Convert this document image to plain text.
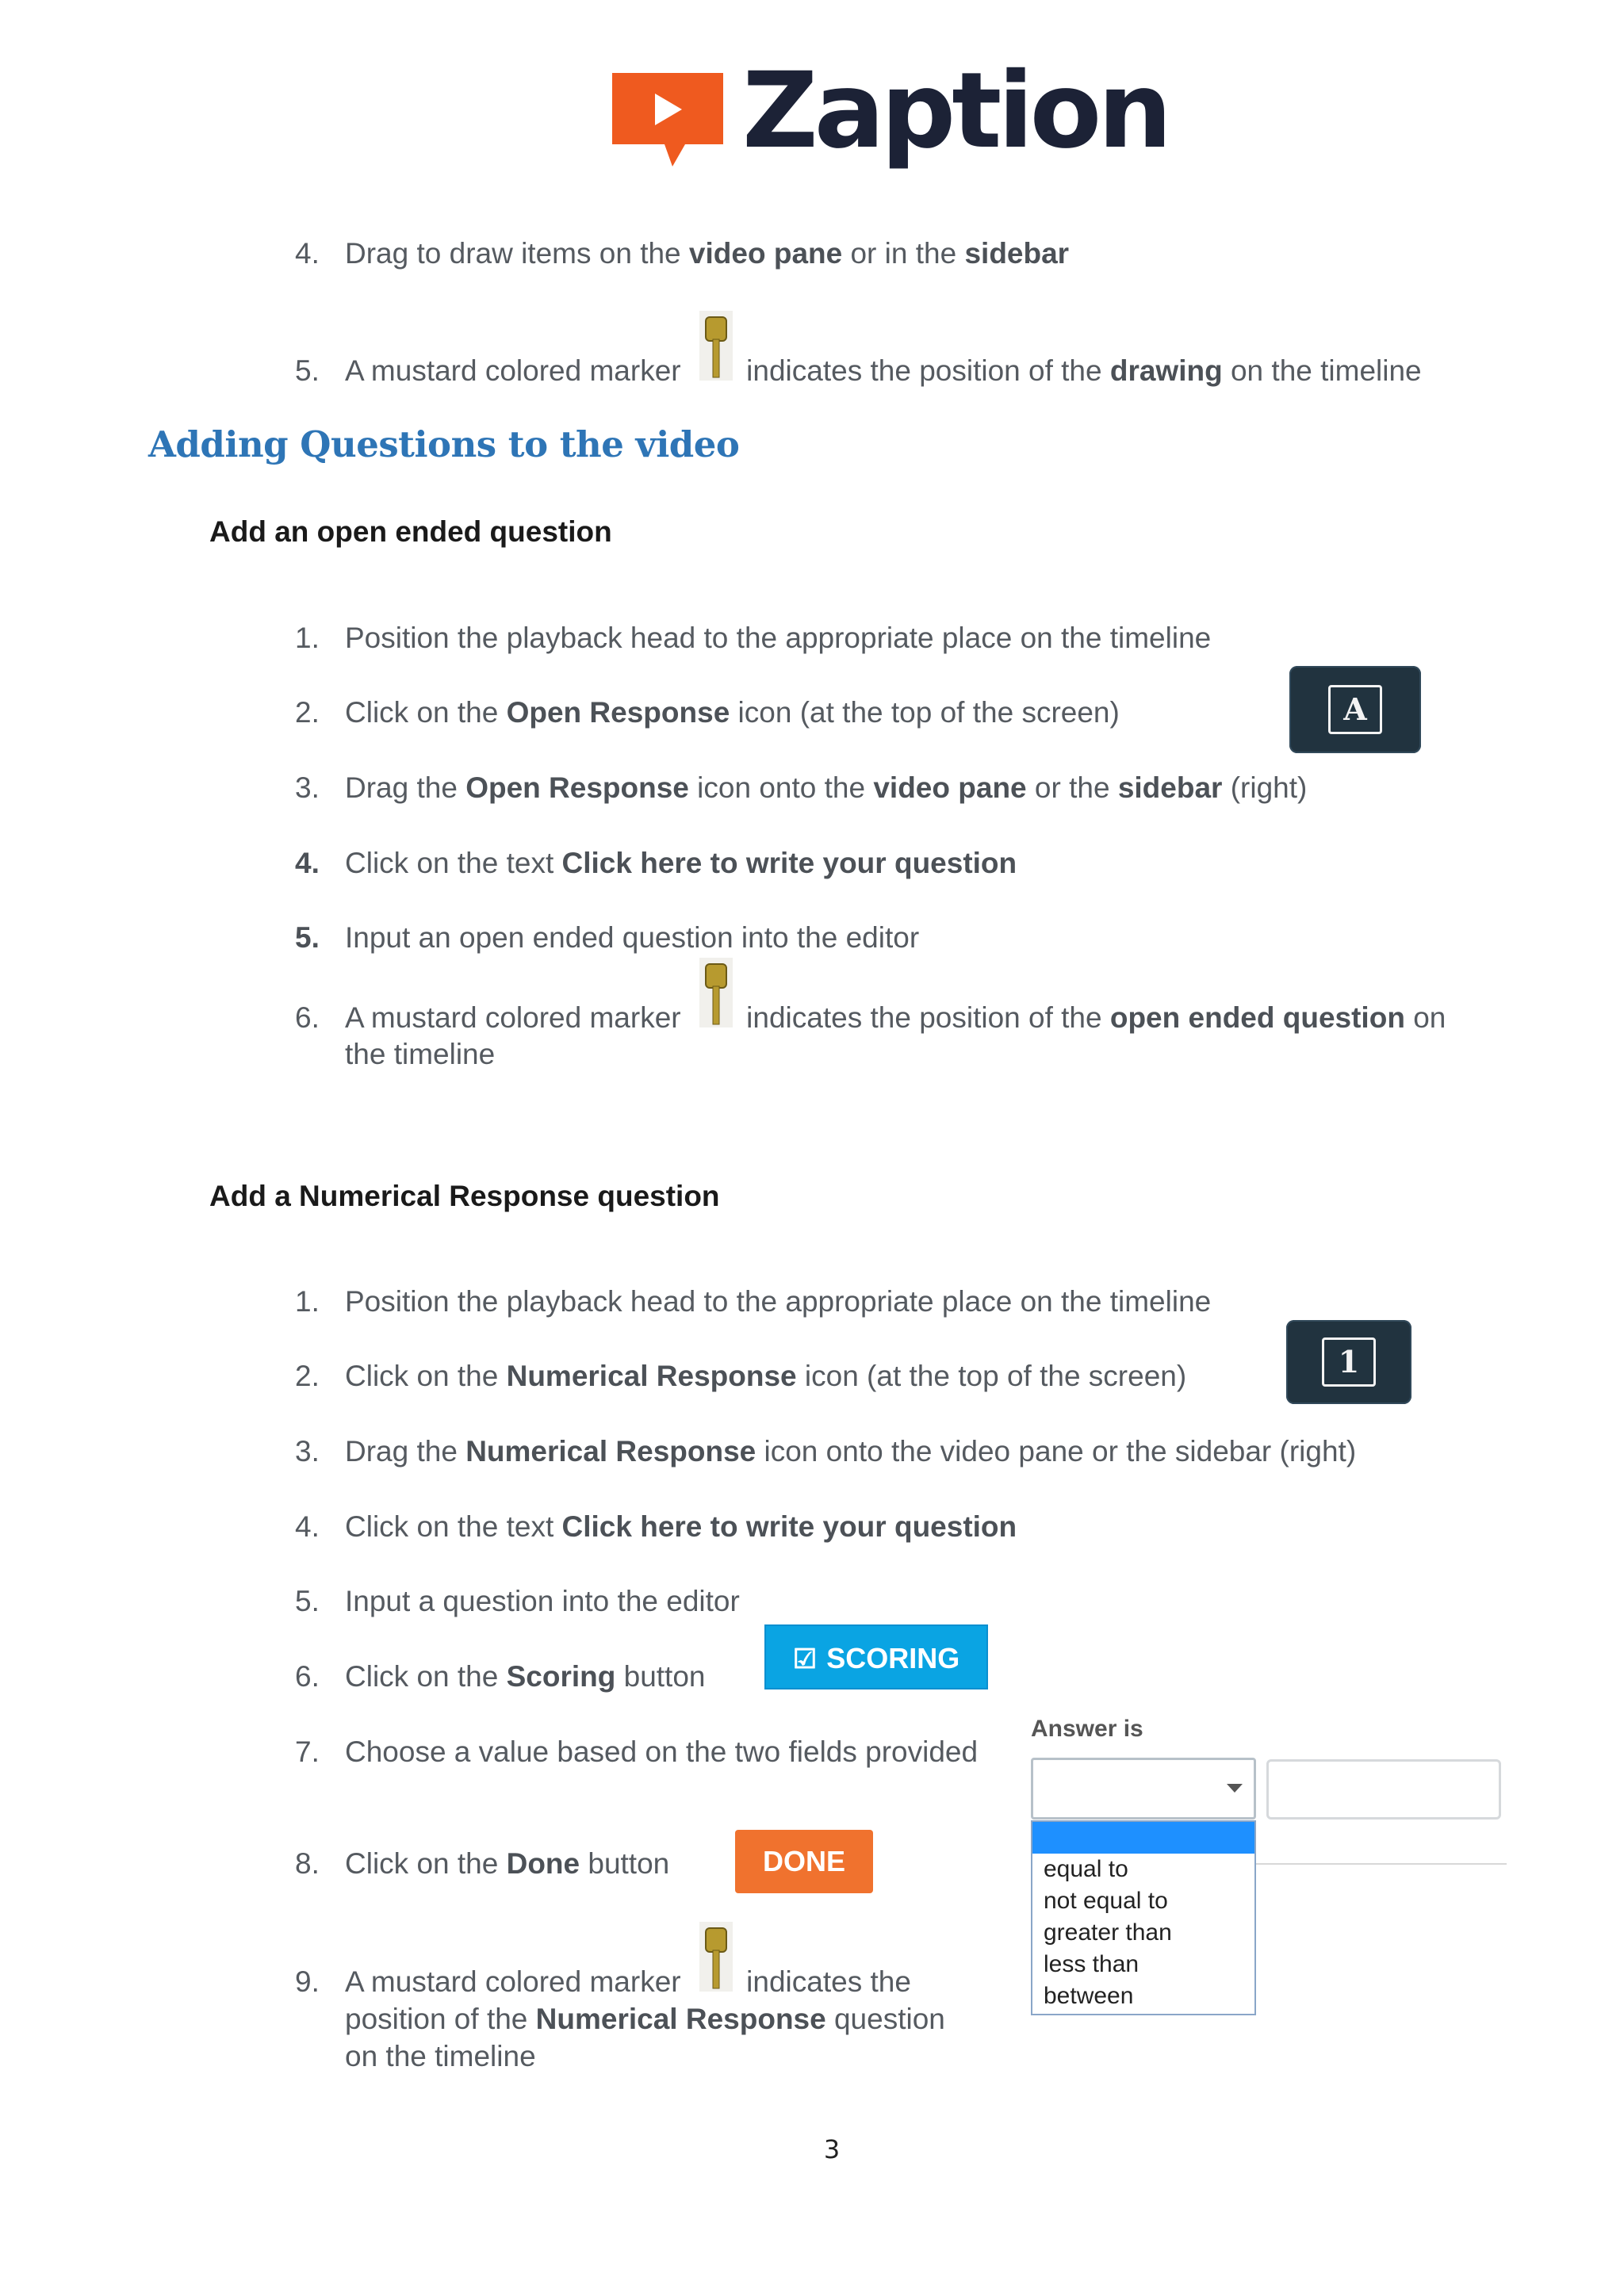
Zaption
4. Drag to draw items on the video pane or in the sidebar
5. A mustard colored marker  indicates the position of the drawing on the timeline
Adding Questions to the video
Add an open ended question
1. Position the playback head to the appropriate place on the timeline
2. Click on the Open Response icon (at the top of the screen)	A
3. Drag the Open Response icon onto the video pane or the sidebar (right)
4. Click on the text Click here to write your question
5. Input an open ended question into the editor
6. A mustard colored marker  indicates the position of the open ended question on
the timeline
Add a Numerical Response question
1. Position the playback head to the appropriate place on the timeline
2. Click on the Numerical Response icon (at the top of the screen)	1
3. Drag the Numerical Response icon onto the video pane or the sidebar (right)
4. Click on the text Click here to write your question
5. Input a question into the editor
6. Click on the Scoring button
☑ SCORING
7. Choose a value based on the two fields provided
8. Click on the Done button	DONE
9. A mustard colored marker  indicates the
position of the Numerical Response question
on the timeline
Answer is
equal to
not equal to
greater than
less than
between
3
